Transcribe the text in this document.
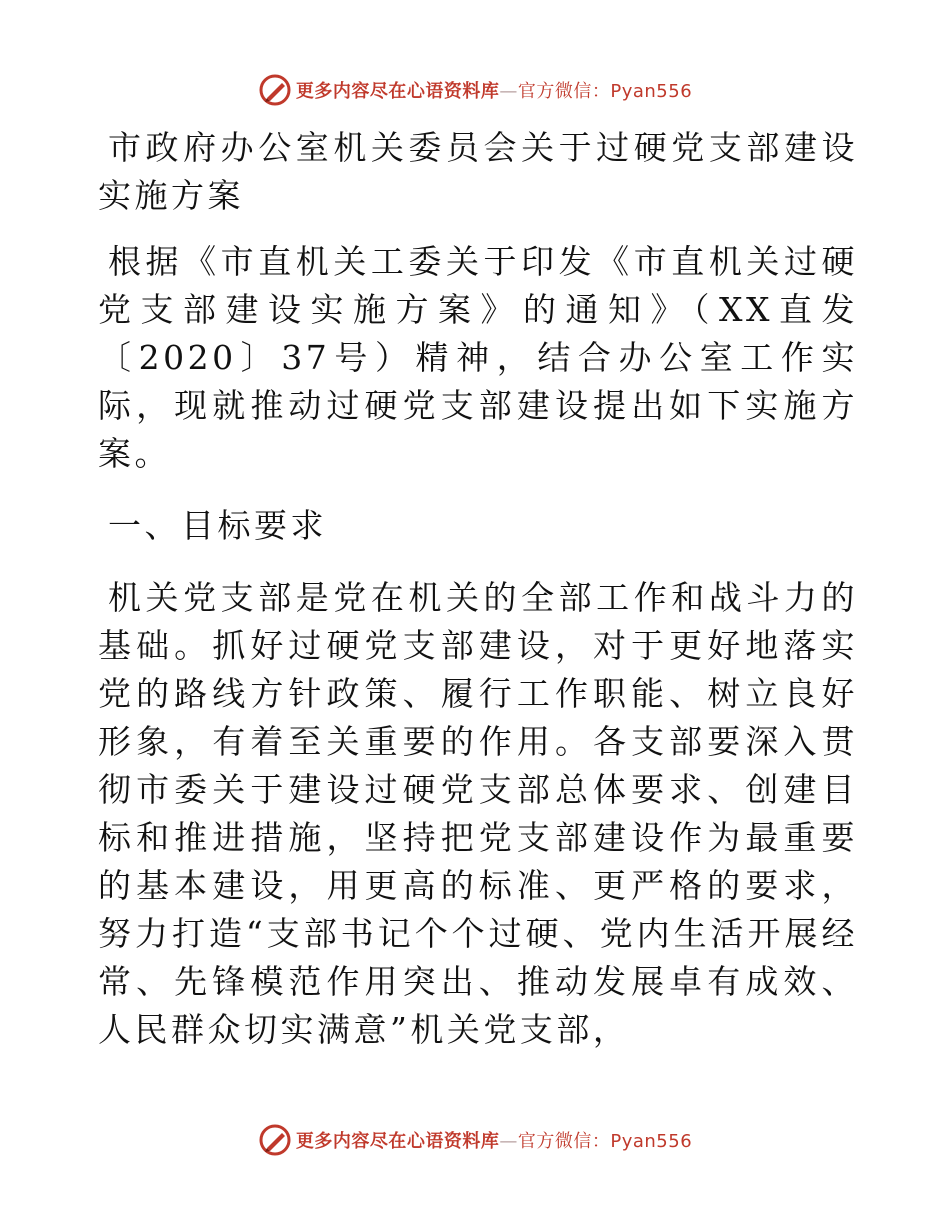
更多内容尽在心语资料库—官方微信：Pyan556

市政府办公室机关委员会关于过硬党支部建设实施方案

根据《市直机关工委关于印发《市直机关过硬党支部建设实施方案》的通知》（XX直发〔2020〕37号）精神，结合办公室工作实际，现就推动过硬党支部建设提出如下实施方案。

一、目标要求

机关党支部是党在机关的全部工作和战斗力的基础。抓好过硬党支部建设，对于更好地落实党的路线方针政策、履行工作职能、树立良好形象，有着至关重要的作用。各支部要深入贯彻市委关于建设过硬党支部总体要求、创建目标和推进措施，坚持把党支部建设作为最重要的基本建设，用更高的标准、更严格的要求，努力打造“支部书记个个过硬、党内生活开展经常、先锋模范作用突出、推动发展卓有成效、人民群众切实满意”机关党支部，

更多内容尽在心语资料库—官方微信：Pyan556
